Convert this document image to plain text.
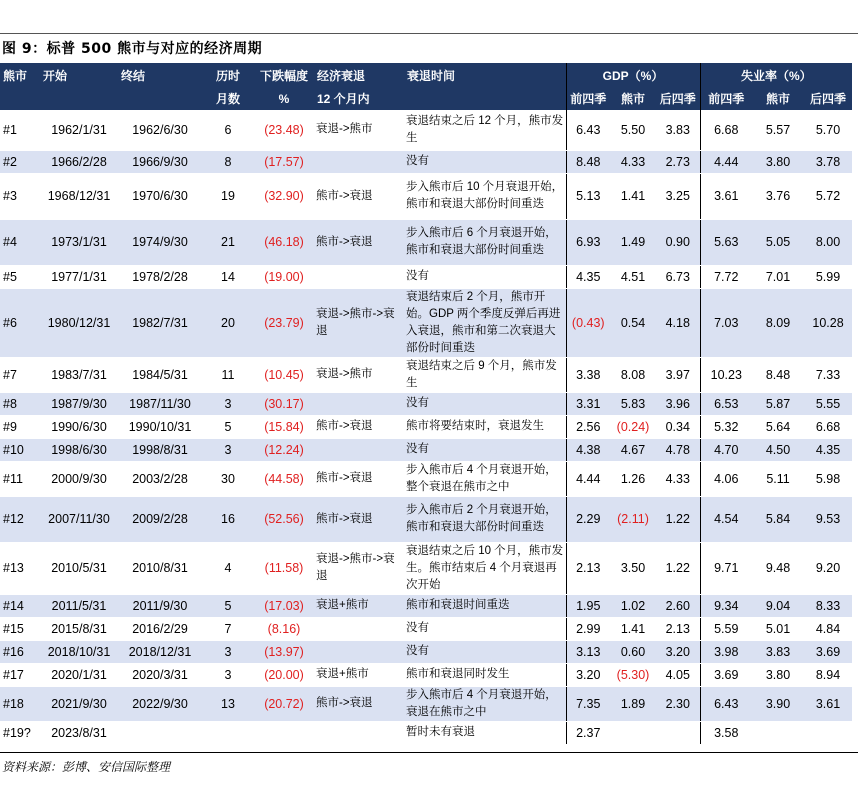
图 9：标普 500 熊市与对应的经济周期
熊市	开始	终结	历时	下跌幅度	经济衰退	衰退时间	GDP（%）			失业率（%）		
			月数	%	12 个月内		前四季	熊市	后四季	前四季	熊市	后四季
#1	1962/1/31	1962/6/30	6	(23.48)	衰退->熊市	衰退结束之后 12 个月，熊市发生	6.43	5.50	3.83	6.68	5.57	5.70
#2	1966/2/28	1966/9/30	8	(17.57)		没有	8.48	4.33	2.73	4.44	3.80	3.78
#3	1968/12/31	1970/6/30	19	(32.90)	熊市->衰退	步入熊市后 10 个月衰退开始，熊市和衰退大部份时间重迭	5.13	1.41	3.25	3.61	3.76	5.72
#4	1973/1/31	1974/9/30	21	(46.18)	熊市->衰退	步入熊市后 6 个月衰退开始，熊市和衰退大部份时间重迭	6.93	1.49	0.90	5.63	5.05	8.00
#5	1977/1/31	1978/2/28	14	(19.00)		没有	4.35	4.51	6.73	7.72	7.01	5.99
#6	1980/12/31	1982/7/31	20	(23.79)	衰退->熊市->衰退	衰退结束后 2 个月，熊市开始。GDP 两个季度反弹后再进入衰退，熊市和第二次衰退大部份时间重迭	(0.43)	0.54	4.18	7.03	8.09	10.28
#7	1983/7/31	1984/5/31	11	(10.45)	衰退->熊市	衰退结束之后 9 个月，熊市发生	3.38	8.08	3.97	10.23	8.48	7.33
#8	1987/9/30	1987/11/30	3	(30.17)		没有	3.31	5.83	3.96	6.53	5.87	5.55
#9	1990/6/30	1990/10/31	5	(15.84)	熊市->衰退	熊市将要结束时，衰退发生	2.56	(0.24)	0.34	5.32	5.64	6.68
#10	1998/6/30	1998/8/31	3	(12.24)		没有	4.38	4.67	4.78	4.70	4.50	4.35
#11	2000/9/30	2003/2/28	30	(44.58)	熊市->衰退	步入熊市后 4 个月衰退开始，整个衰退在熊市之中	4.44	1.26	4.33	4.06	5.11	5.98
#12	2007/11/30	2009/2/28	16	(52.56)	熊市->衰退	步入熊市后 2 个月衰退开始，熊市和衰退大部份时间重迭	2.29	(2.11)	1.22	4.54	5.84	9.53
#13	2010/5/31	2010/8/31	4	(11.58)	衰退->熊市->衰退	衰退结束之后 10 个月，熊市发生。熊市结束后 4 个月衰退再次开始	2.13	3.50	1.22	9.71	9.48	9.20
#14	2011/5/31	2011/9/30	5	(17.03)	衰退+熊市	熊市和衰退时间重迭	1.95	1.02	2.60	9.34	9.04	8.33
#15	2015/8/31	2016/2/29	7	(8.16)		没有	2.99	1.41	2.13	5.59	5.01	4.84
#16	2018/10/31	2018/12/31	3	(13.97)		没有	3.13	0.60	3.20	3.98	3.83	3.69
#17	2020/1/31	2020/3/31	3	(20.00)	衰退+熊市	熊市和衰退同时发生	3.20	(5.30)	4.05	3.69	3.80	8.94
#18	2021/9/30	2022/9/30	13	(20.72)	熊市->衰退	步入熊市后 4 个月衰退开始，衰退在熊市之中	7.35	1.89	2.30	6.43	3.90	3.61
#19?	2023/8/31					暂时未有衰退	2.37			3.58		
资料来源：彭博、安信国际整理
